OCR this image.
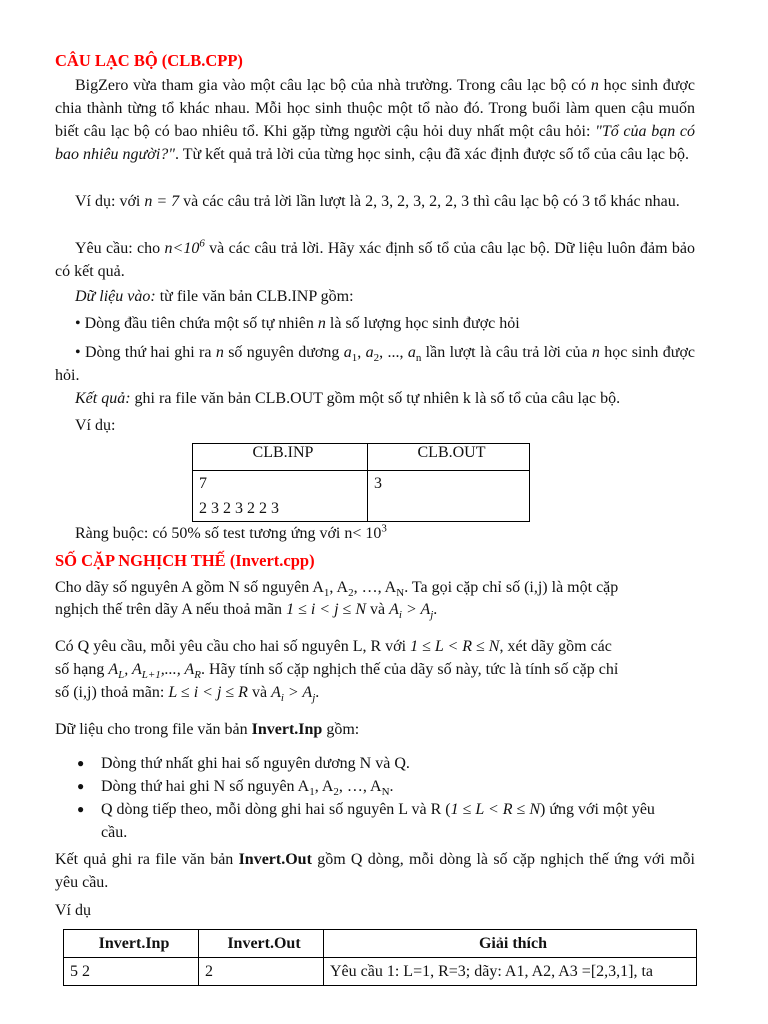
CÂU LẠC BỘ (CLB.CPP)

BigZero vừa tham gia vào một câu lạc bộ của nhà trường. Trong câu lạc bộ có n học sinh được chia thành từng tổ khác nhau. Mỗi học sinh thuộc một tổ nào đó. Trong buổi làm quen cậu muốn biết câu lạc bộ có bao nhiêu tổ. Khi gặp từng người cậu hỏi duy nhất một câu hỏi: "Tổ của bạn có bao nhiêu người?". Từ kết quả trả lời của từng học sinh, cậu đã xác định được số tổ của câu lạc bộ.

Ví dụ: với n = 7 và các câu trả lời lần lượt là 2, 3, 2, 3, 2, 2, 3 thì câu lạc bộ có 3 tổ khác nhau.

Yêu cầu: cho $n<10^6$ và các câu trả lời. Hãy xác định số tổ của câu lạc bộ. Dữ liệu luôn đảm bảo có kết quả.

Dữ liệu vào: từ file văn bản CLB.INP gồm:
• Dòng đầu tiên chứa một số tự nhiên n là số lượng học sinh được hỏi

• Dòng thứ hai ghi ra n số nguyên dương $a_1$, $a_2$, ..., $a_n$ lần lượt là câu trả lời của n học sinh được hỏi.

Kết quả: ghi ra file văn bản CLB.OUT gồm một số tự nhiên k là số tổ của câu lạc bộ.
Ví dụ:
CLB.INP	CLB.OUT

7
2 3 2 3 2 2 3	3
Ràng buộc: có 50% số test tương ứng với $n< 10^3$
SỐ CẶP NGHỊCH THẾ (Invert.cpp)
Cho dãy số nguyên A gồm N số nguyên $A_1$, $A_2$, …, $A_N$. Ta gọi cặp chỉ số (i,j) là một cặp
nghịch thế trên dãy A nếu thoả mãn 1 ≤ i < j ≤ N và $A_i > A_j$.
Có Q yêu cầu, mỗi yêu cầu cho hai số nguyên L, R với 1 ≤ L < R ≤ N, xét dãy gồm các
số hạng $A_L$, $A_{L+1}$,..., $A_R$. Hãy tính số cặp nghịch thế của dãy số này, tức là tính số cặp chỉ
số (i,j) thoả mãn: L ≤ i < j ≤ R và $A_i > A_j$.
Dữ liệu cho trong file văn bản Invert.Inp gồm:
● Dòng thứ nhất ghi hai số nguyên dương N và Q.
● Dòng thứ hai ghi N số nguyên $A_1$, $A_2$, …, $A_N$.
● Q dòng tiếp theo, mỗi dòng ghi hai số nguyên L và R (1 ≤ L < R ≤ N) ứng với một yêu cầu.

Kết quả ghi ra file văn bản Invert.Out gồm Q dòng, mỗi dòng là số cặp nghịch thế ứng với mỗi yêu cầu.

Ví dụ
Invert.Inp	Invert.Out	Giải thích
5 2	2	Yêu cầu 1: L=1, R=3; dãy: A1, A2, A3 =[2,3,1], ta
